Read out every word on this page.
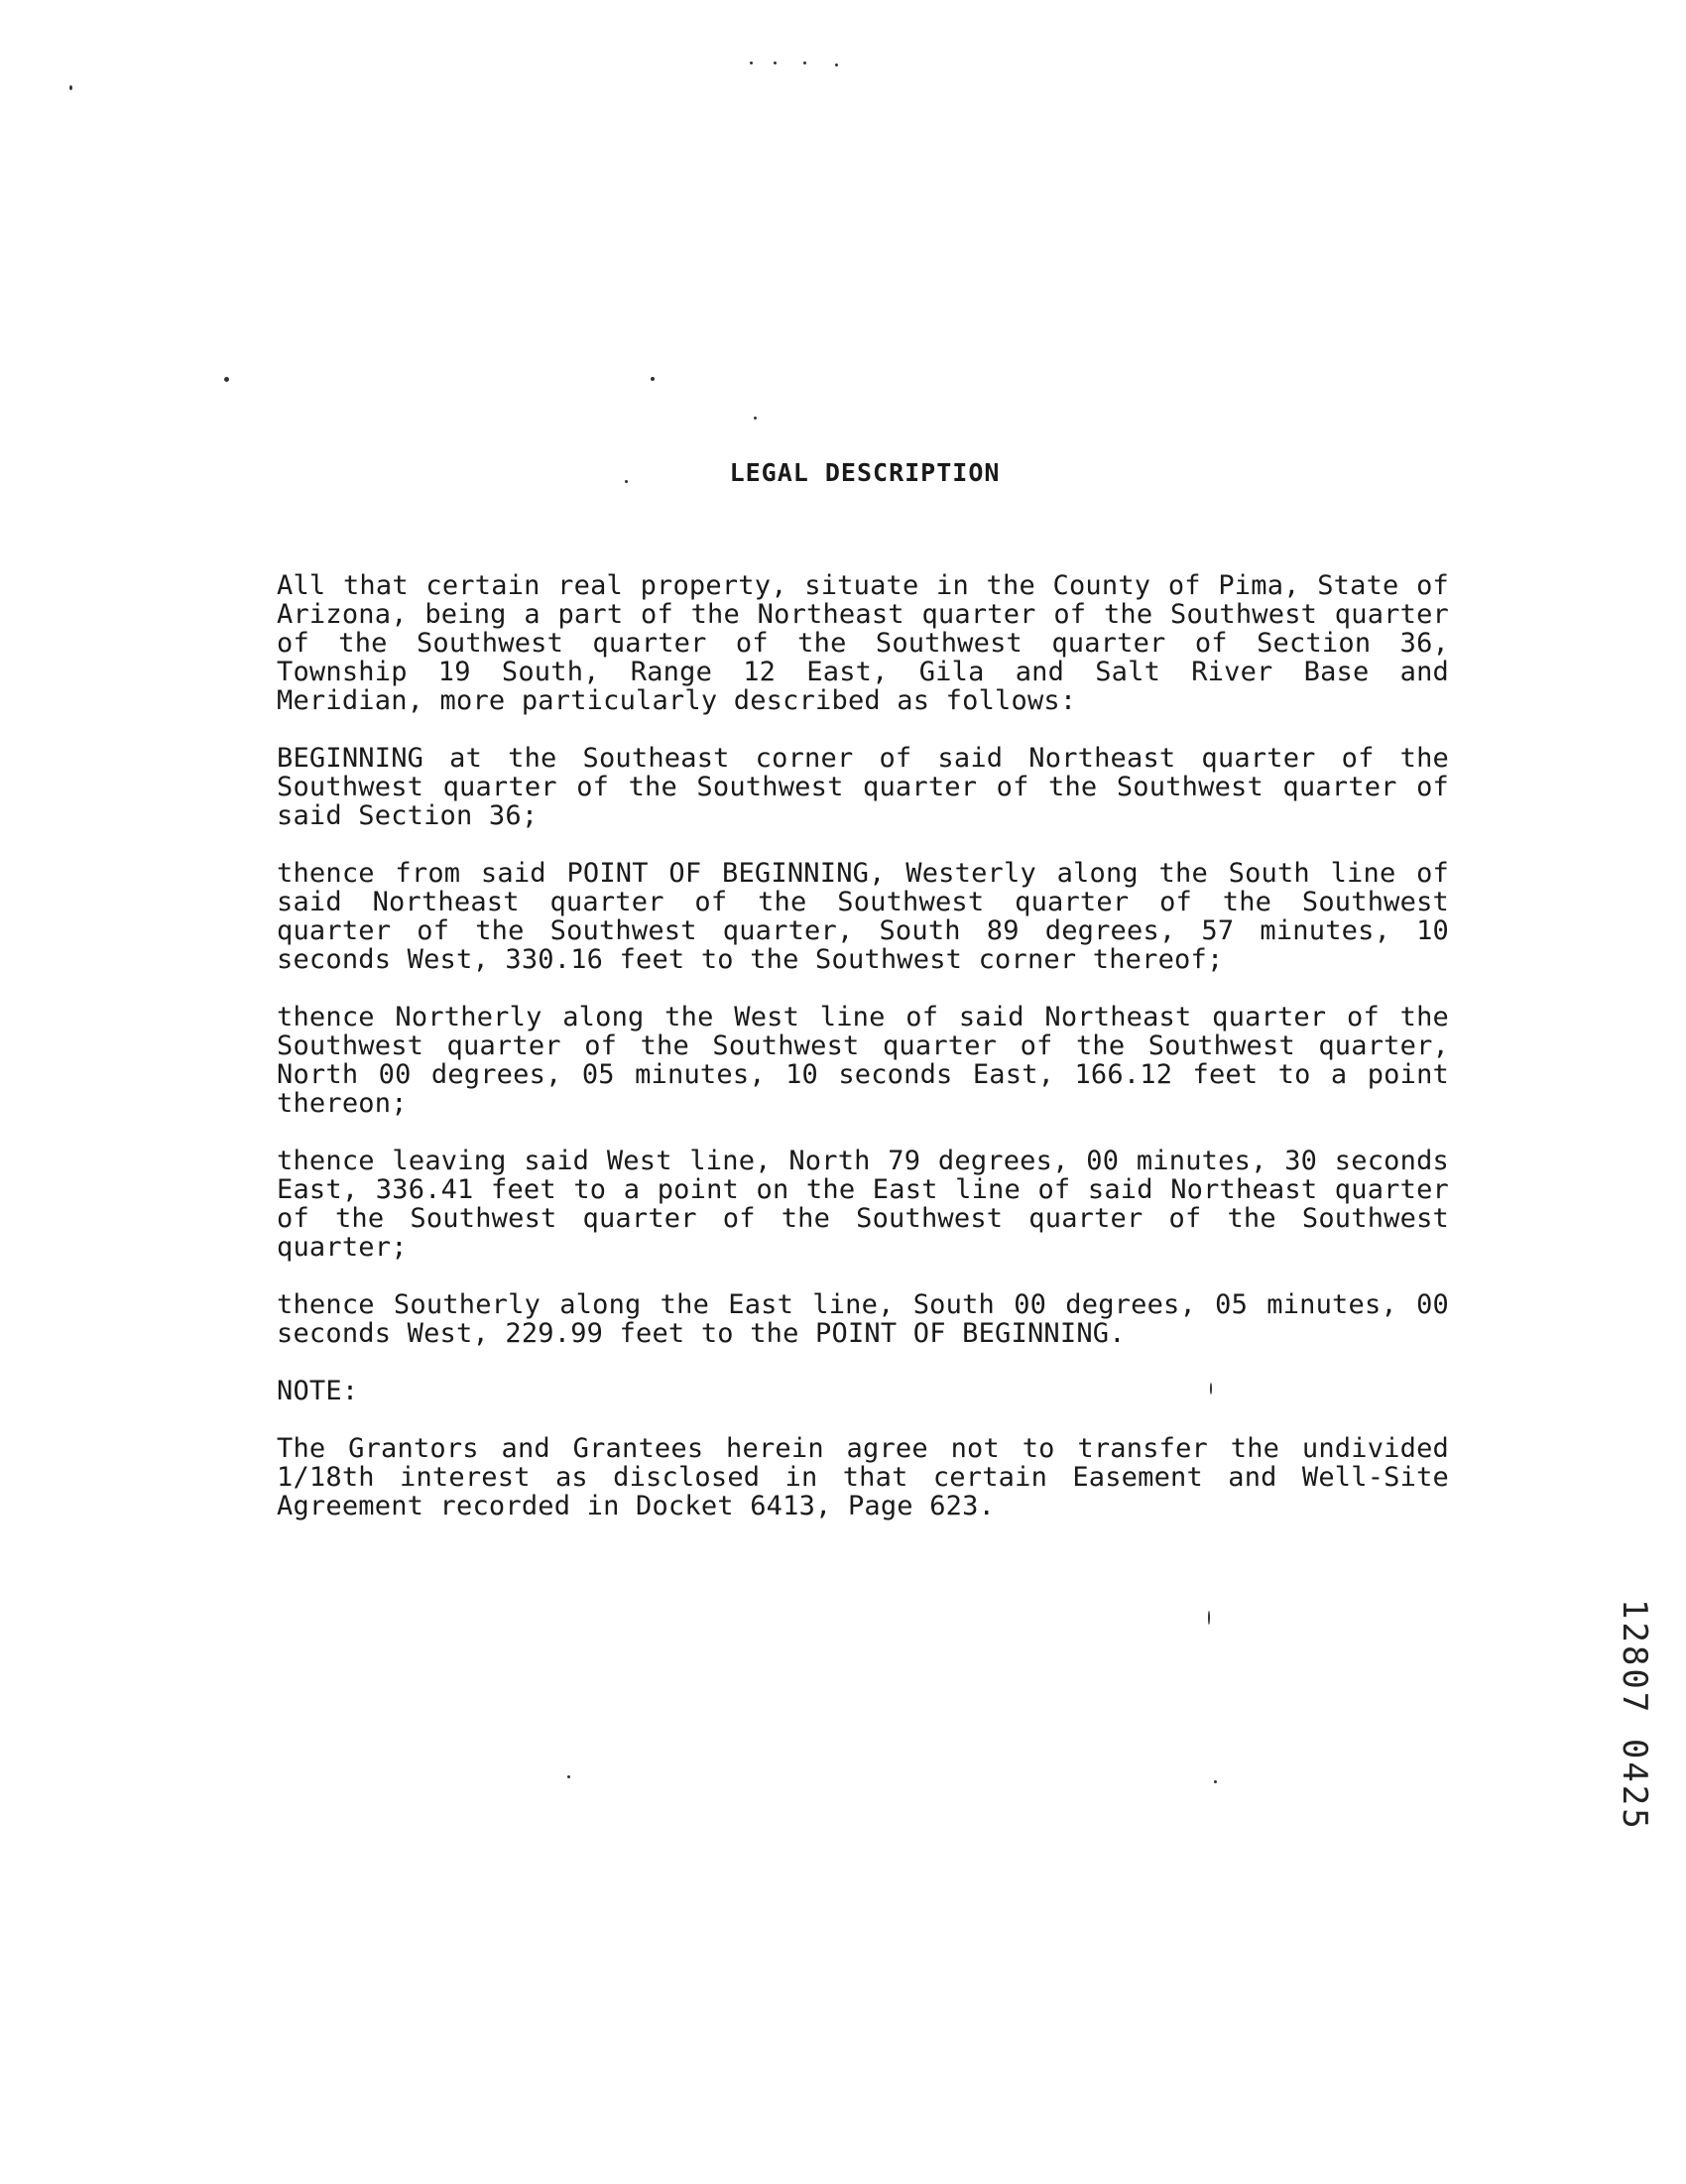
LEGAL DESCRIPTION

All that certain real property, situate in the County of Pima, State of Arizona, being a part of the Northeast quarter of the Southwest quarter of the Southwest quarter of the Southwest quarter of Section 36, Township 19 South, Range 12 East, Gila and Salt River Base and Meridian, more particularly described as follows:

BEGINNING at the Southeast corner of said Northeast quarter of the Southwest quarter of the Southwest quarter of the Southwest quarter of said Section 36;

thence from said POINT OF BEGINNING, Westerly along the South line of said Northeast quarter of the Southwest quarter of the Southwest quarter of the Southwest quarter, South 89 degrees, 57 minutes, 10 seconds West, 330.16 feet to the Southwest corner thereof;

thence Northerly along the West line of said Northeast quarter of the Southwest quarter of the Southwest quarter of the Southwest quarter, North 00 degrees, 05 minutes, 10 seconds East, 166.12 feet to a point thereon;

thence leaving said West line, North 79 degrees, 00 minutes, 30 seconds East, 336.41 feet to a point on the East line of said Northeast quarter of the Southwest quarter of the Southwest quarter of the Southwest quarter;

thence Southerly along the East line, South 00 degrees, 05 minutes, 00 seconds West, 229.99 feet to the POINT OF BEGINNING.

NOTE:

The Grantors and Grantees herein agree not to transfer the undivided 1/18th interest as disclosed in that certain Easement and Well-Site Agreement recorded in Docket 6413, Page 623.

12807 0425
